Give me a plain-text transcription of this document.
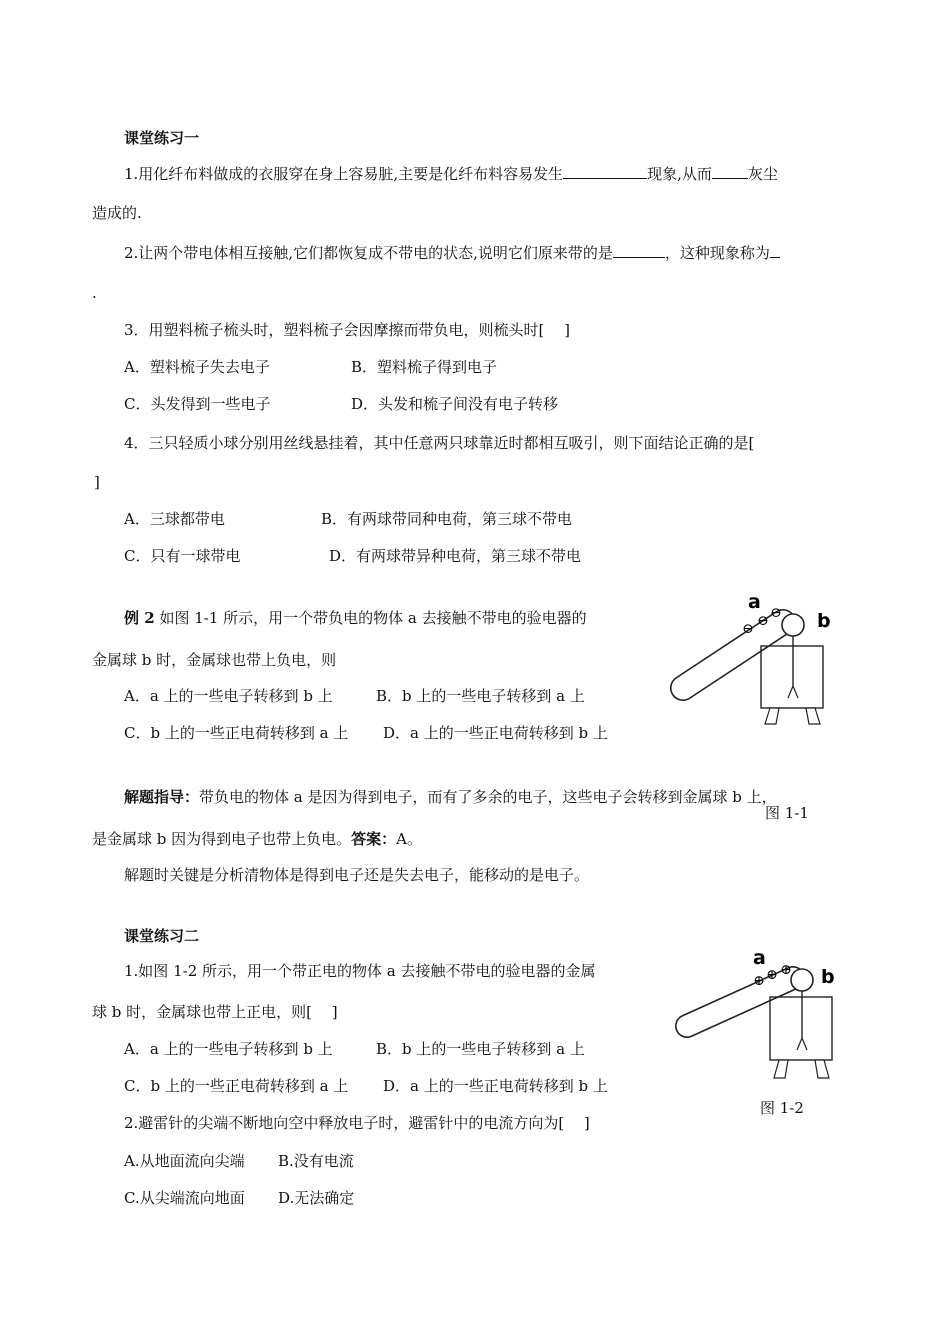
课堂练习一
1.用化纤布料做成的衣服穿在身上容易脏,主要是化纤布料容易发生	现象,从而 灰尘
造成的.
2.让两个带电体相互接触,它们都恢复成不带电的状态,说明它们原来带的是	，这种现象称为
.
3．用塑料梳子梳头时，塑料梳子会因摩擦而带负电，则梳头时[　 ]
A．塑料梳子失去电子	B．塑料梳子得到电子
C．头发得到一些电子	D．头发和梳子间没有电子转移
4．三只轻质小球分别用丝线悬挂着，其中任意两只球靠近时都相互吸引，则下面结论正确的是[
]
A．三球都带电	B．有两球带同种电荷，第三球不带电
C．只有一球带电	D．有两球带异种电荷，第三球不带电
例 2 如图 1-1 所示，用一个带负电的物体 a 去接触不带电的验电器的
金属球 b 时，金属球也带上负电，则
A．a 上的一些电子转移到 b 上	B．b 上的一些电子转移到 a 上
C．b 上的一些正电荷转移到 a 上 D．a 上的一些正电荷转移到 b 上
⊖ ⊖ ⊖
a
b
图 1-1
解题指导：带负电的物体 a 是因为得到电子，而有了多余的电子，这些电子会转移到金属球 b 上，
是金属球 b 因为得到电子也带上负电。答案：A。
解题时关键是分析清物体是得到电子还是失去电子，能移动的是电子。
课堂练习二
1.如图 1-2 所示，用一个带正电的物体 a 去接触不带电的验电器的金属
球 b 时，金属球也带上正电，则[　 ]
A．a 上的一些电子转移到 b 上	B．b 上的一些电子转移到 a 上
C．b 上的一些正电荷转移到 a 上 D．a 上的一些正电荷转移到 b 上
⊕ ⊕ ⊕
a
b
图 1-2
2.避雷针的尖端不断地向空中释放电子时，避雷针中的电流方向为[　 ]
A.从地面流向尖端 B.没有电流
C.从尖端流向地面 D.无法确定
